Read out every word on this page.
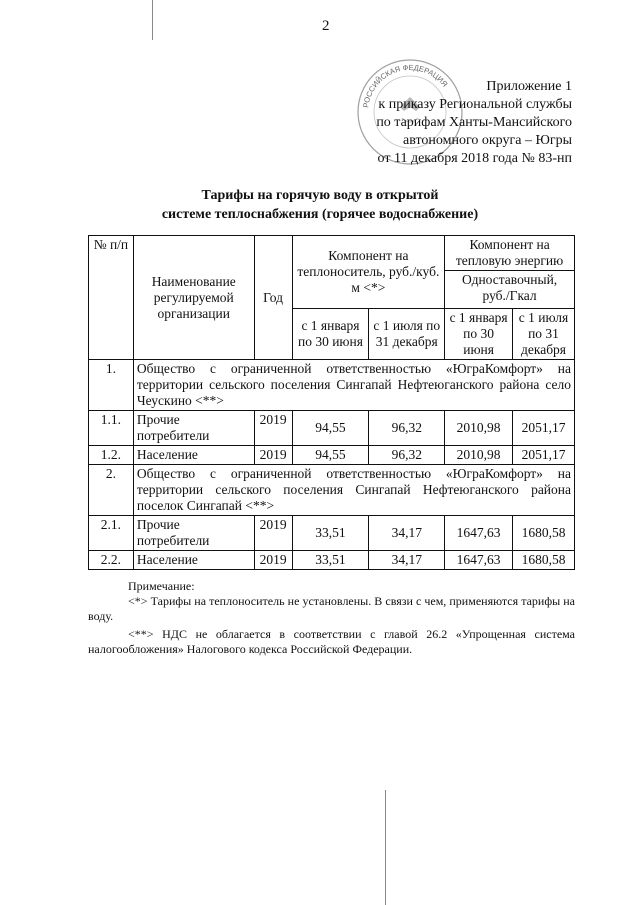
2
РОССИЙСКАЯ ФЕДЕРАЦИЯ	Приложение 1
к приказу Региональной службы
по тарифам Ханты-Мансийского
автономного округа – Югры
от 11 декабря 2018 года № 83-нп
Тарифы на горячую воду в открытой
системе теплоснабжения (горячее водоснабжение)
№ п/п	Наименование регулируемой организации	Год	Компонент на теплоноситель, руб./куб. м <*>		Компонент на тепловую энергию	
					Одноставочный, руб./Гкал	
			с 1 января по 30 июня	с 1 июля по 31 декабря	с 1 января по 30 июня	с 1 июля по 31 декабря
1.	Общество с ограниченной ответственностью «ЮграКомфорт» на территории сельского поселения Сингапай Нефтеюганского района село Чеускино <**>					
1.1.	Прочие потребители	2019	94,55	96,32	2010,98	2051,17
1.2.	Население	2019	94,55	96,32	2010,98	2051,17
2.	Общество с ограниченной ответственностью «ЮграКомфорт» на территории сельского поселения Сингапай Нефтеюганского района поселок Сингапай <**>					
2.1.	Прочие потребители	2019	33,51	34,17	1647,63	1680,58
2.2.	Население	2019	33,51	34,17	1647,63	1680,58

Примечание:

<*> Тарифы на теплоноситель не установлены. В связи с чем, применяются тарифы на воду.

<**> НДС не облагается в соответствии с главой 26.2 «Упрощенная система налогообложения» Налогового кодекса Российской Федерации.
